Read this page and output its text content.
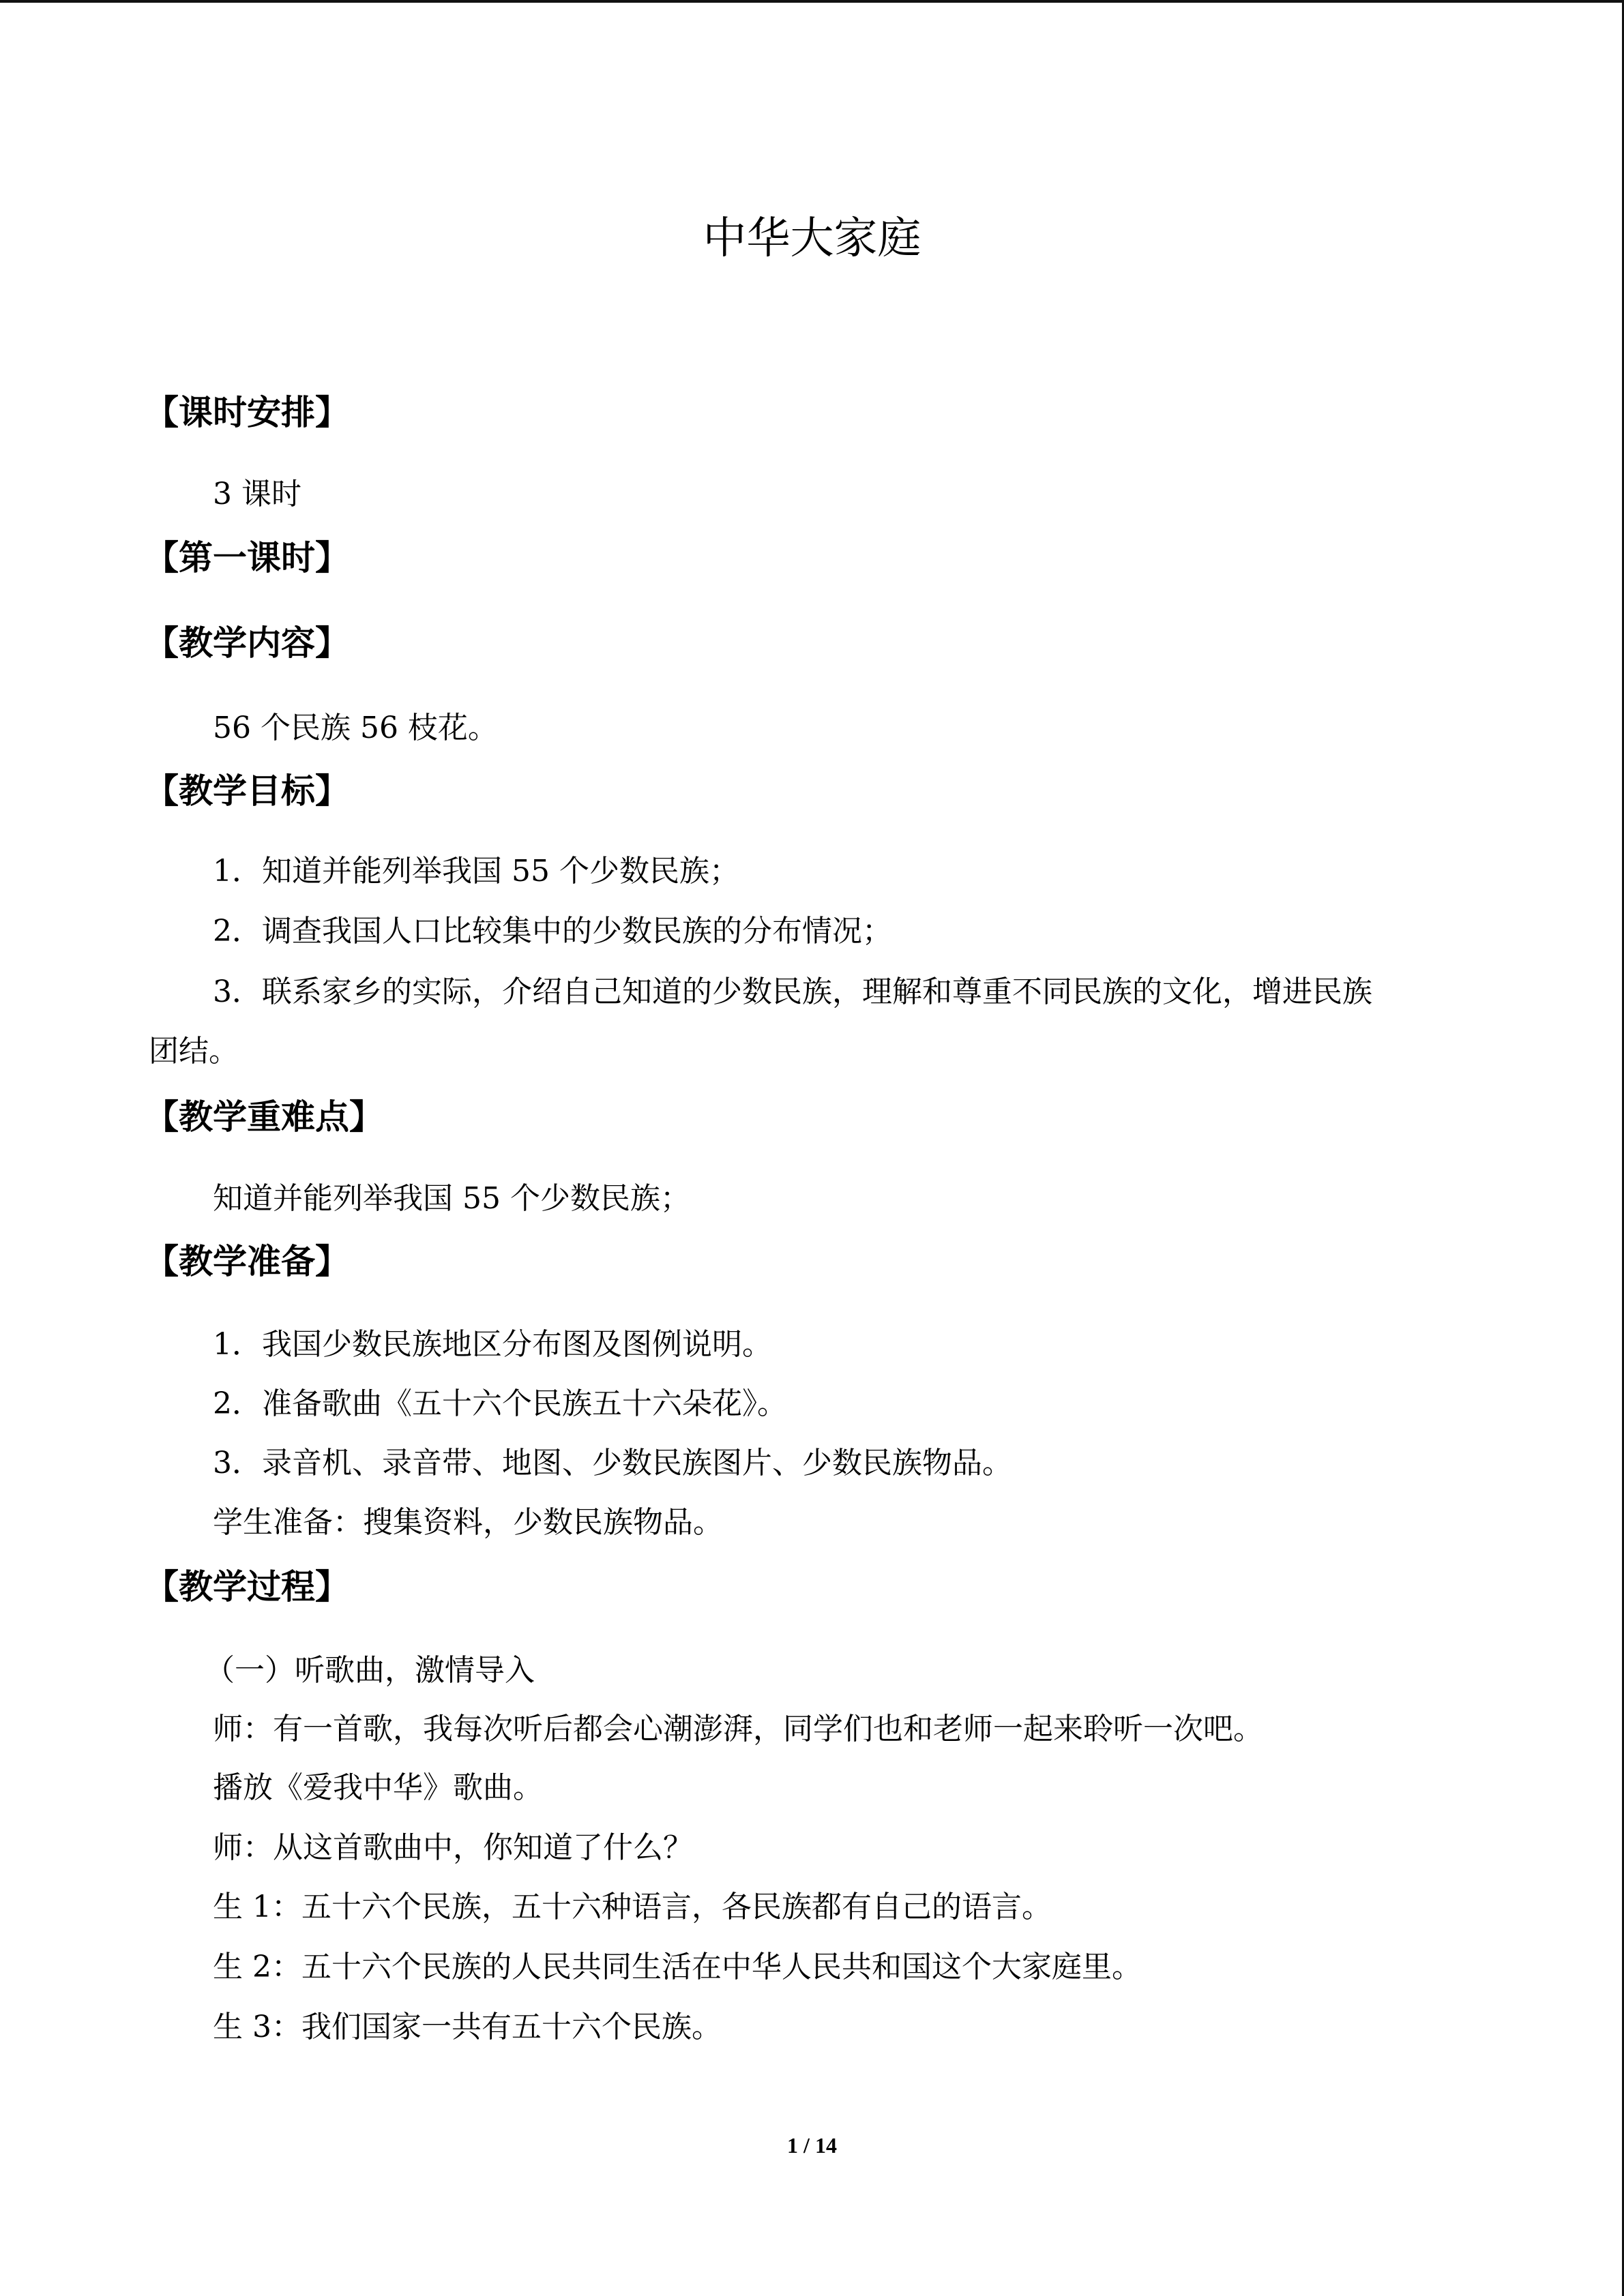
中华大家庭
【课时安排】
3 课时
【第一课时】
【教学内容】
56 个民族 56 枝花。
【教学目标】
1．知道并能列举我国 55 个少数民族；
2．调查我国人口比较集中的少数民族的分布情况；
3．联系家乡的实际，介绍自己知道的少数民族，理解和尊重不同民族的文化，增进民族
团结。
【教学重难点】
知道并能列举我国 55 个少数民族；
【教学准备】
1．我国少数民族地区分布图及图例说明。
2．准备歌曲《五十六个民族五十六朵花》。
3．录音机、录音带、地图、少数民族图片、少数民族物品。
学生准备：搜集资料，少数民族物品。
【教学过程】
（一）听歌曲，激情导入
师：有一首歌，我每次听后都会心潮澎湃，同学们也和老师一起来聆听一次吧。
播放《爱我中华》歌曲。
师：从这首歌曲中，你知道了什么？
生 1：五十六个民族，五十六种语言，各民族都有自己的语言。
生 2：五十六个民族的人民共同生活在中华人民共和国这个大家庭里。
生 3：我们国家一共有五十六个民族。
1 / 14
